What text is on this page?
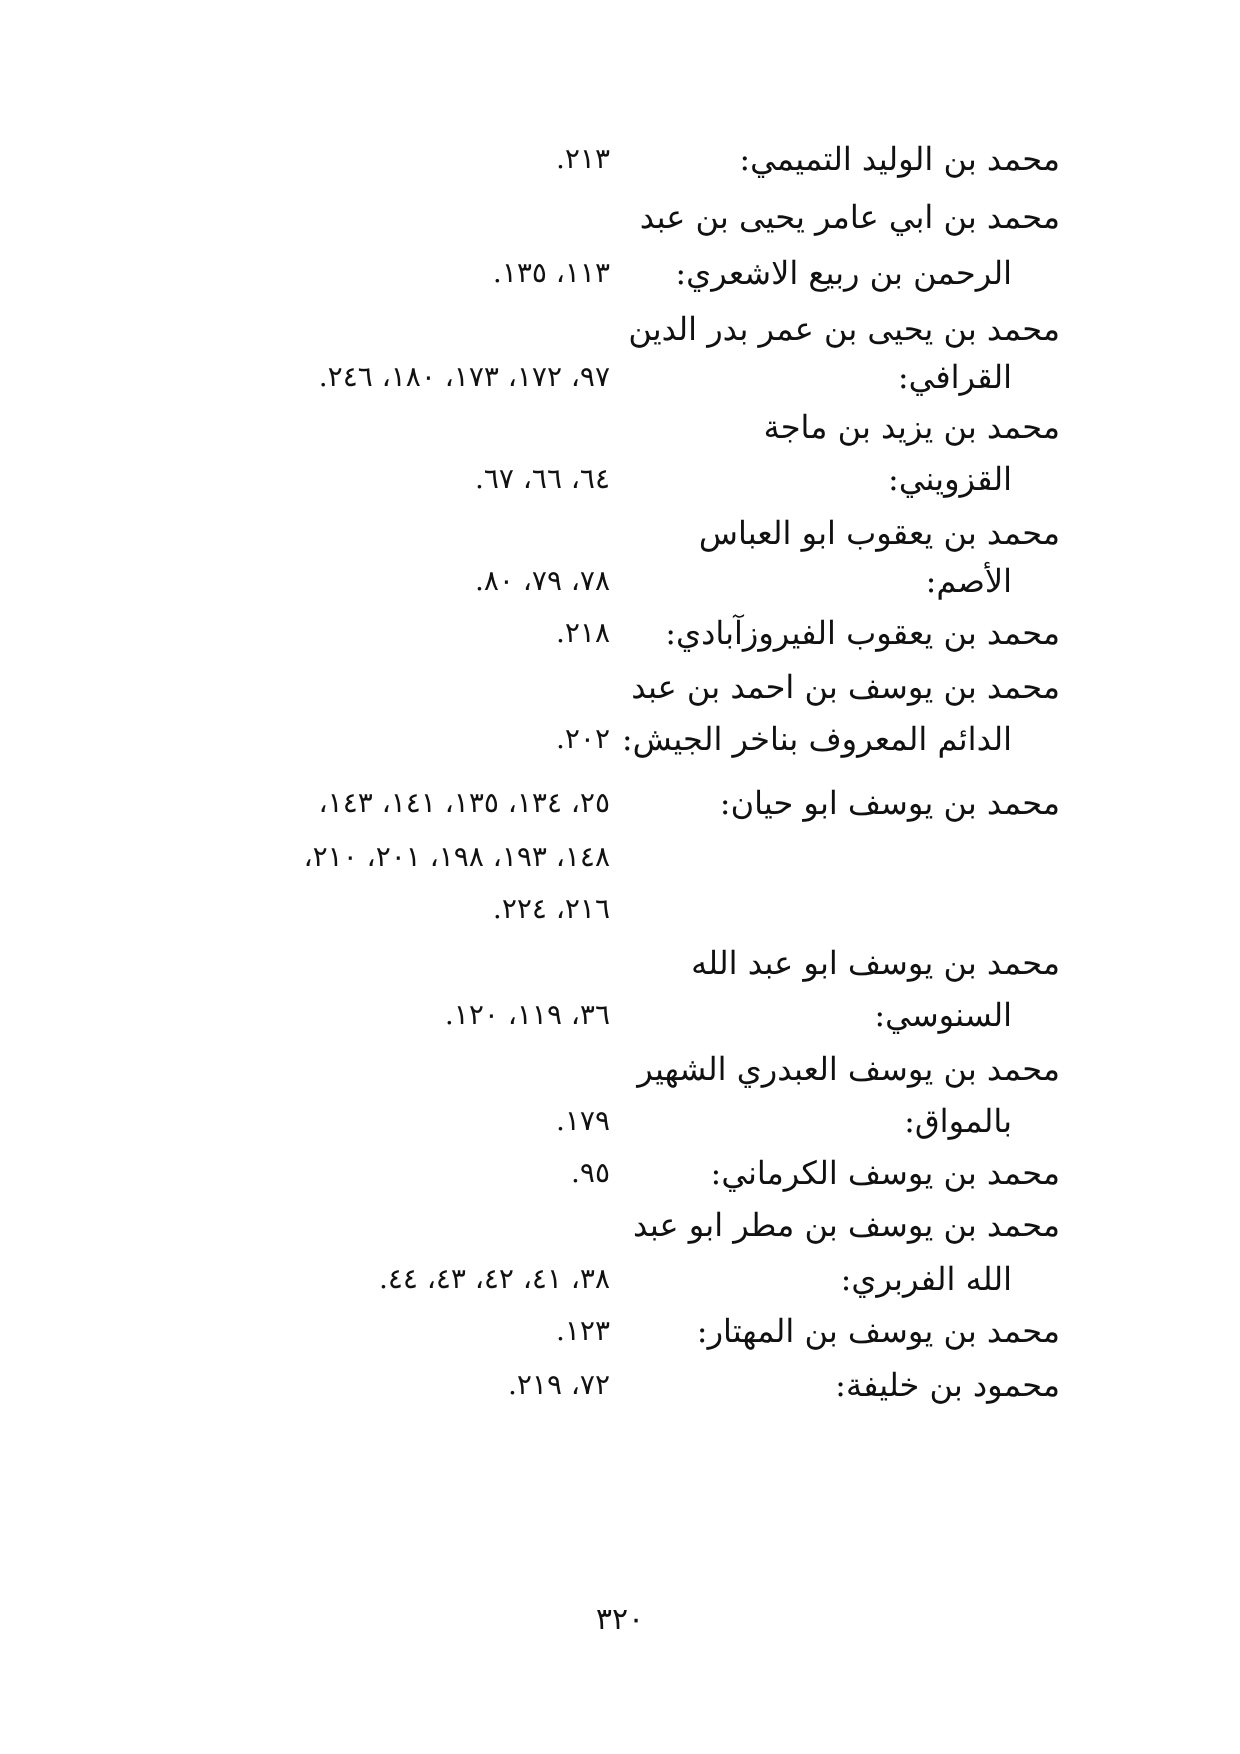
محمد بن الوليد التميمي:
٢١٣.
محمد بن ابي عامر يحيى بن عبد
الرحمن بن ربيع الاشعري:
١١٣، ١٣٥.
محمد بن يحيى بن عمر بدر الدين
القرافي:
٩٧، ١٧٢، ١٧٣، ١٨٠، ٢٤٦.
محمد بن يزيد بن ماجة
القزويني:
٦٤، ٦٦، ٦٧.
محمد بن يعقوب ابو العباس
الأصم:
٧٨، ٧٩، ٨٠.
محمد بن يعقوب الفيروزآبادي:
٢١٨.
محمد بن يوسف بن احمد بن عبد
الدائم المعروف بناخر الجيش:
٢٠٢.
محمد بن يوسف ابو حيان:
٢٥، ١٣٤، ١٣٥، ١٤١، ١٤٣،
١٤٨، ١٩٣، ١٩٨، ٢٠١، ٢١٠،
٢١٦، ٢٢٤.
محمد بن يوسف ابو عبد الله
السنوسي:
٣٦، ١١٩، ١٢٠.
محمد بن يوسف العبدري الشهير
بالمواق:
١٧٩.
محمد بن يوسف الكرماني:
٩٥.
محمد بن يوسف بن مطر ابو عبد
الله الفربري:
٣٨، ٤١، ٤٢، ٤٣، ٤٤.
محمد بن يوسف بن المهتار:
١٢٣.
محمود بن خليفة:
٧٢، ٢١٩.
٣٢٠
